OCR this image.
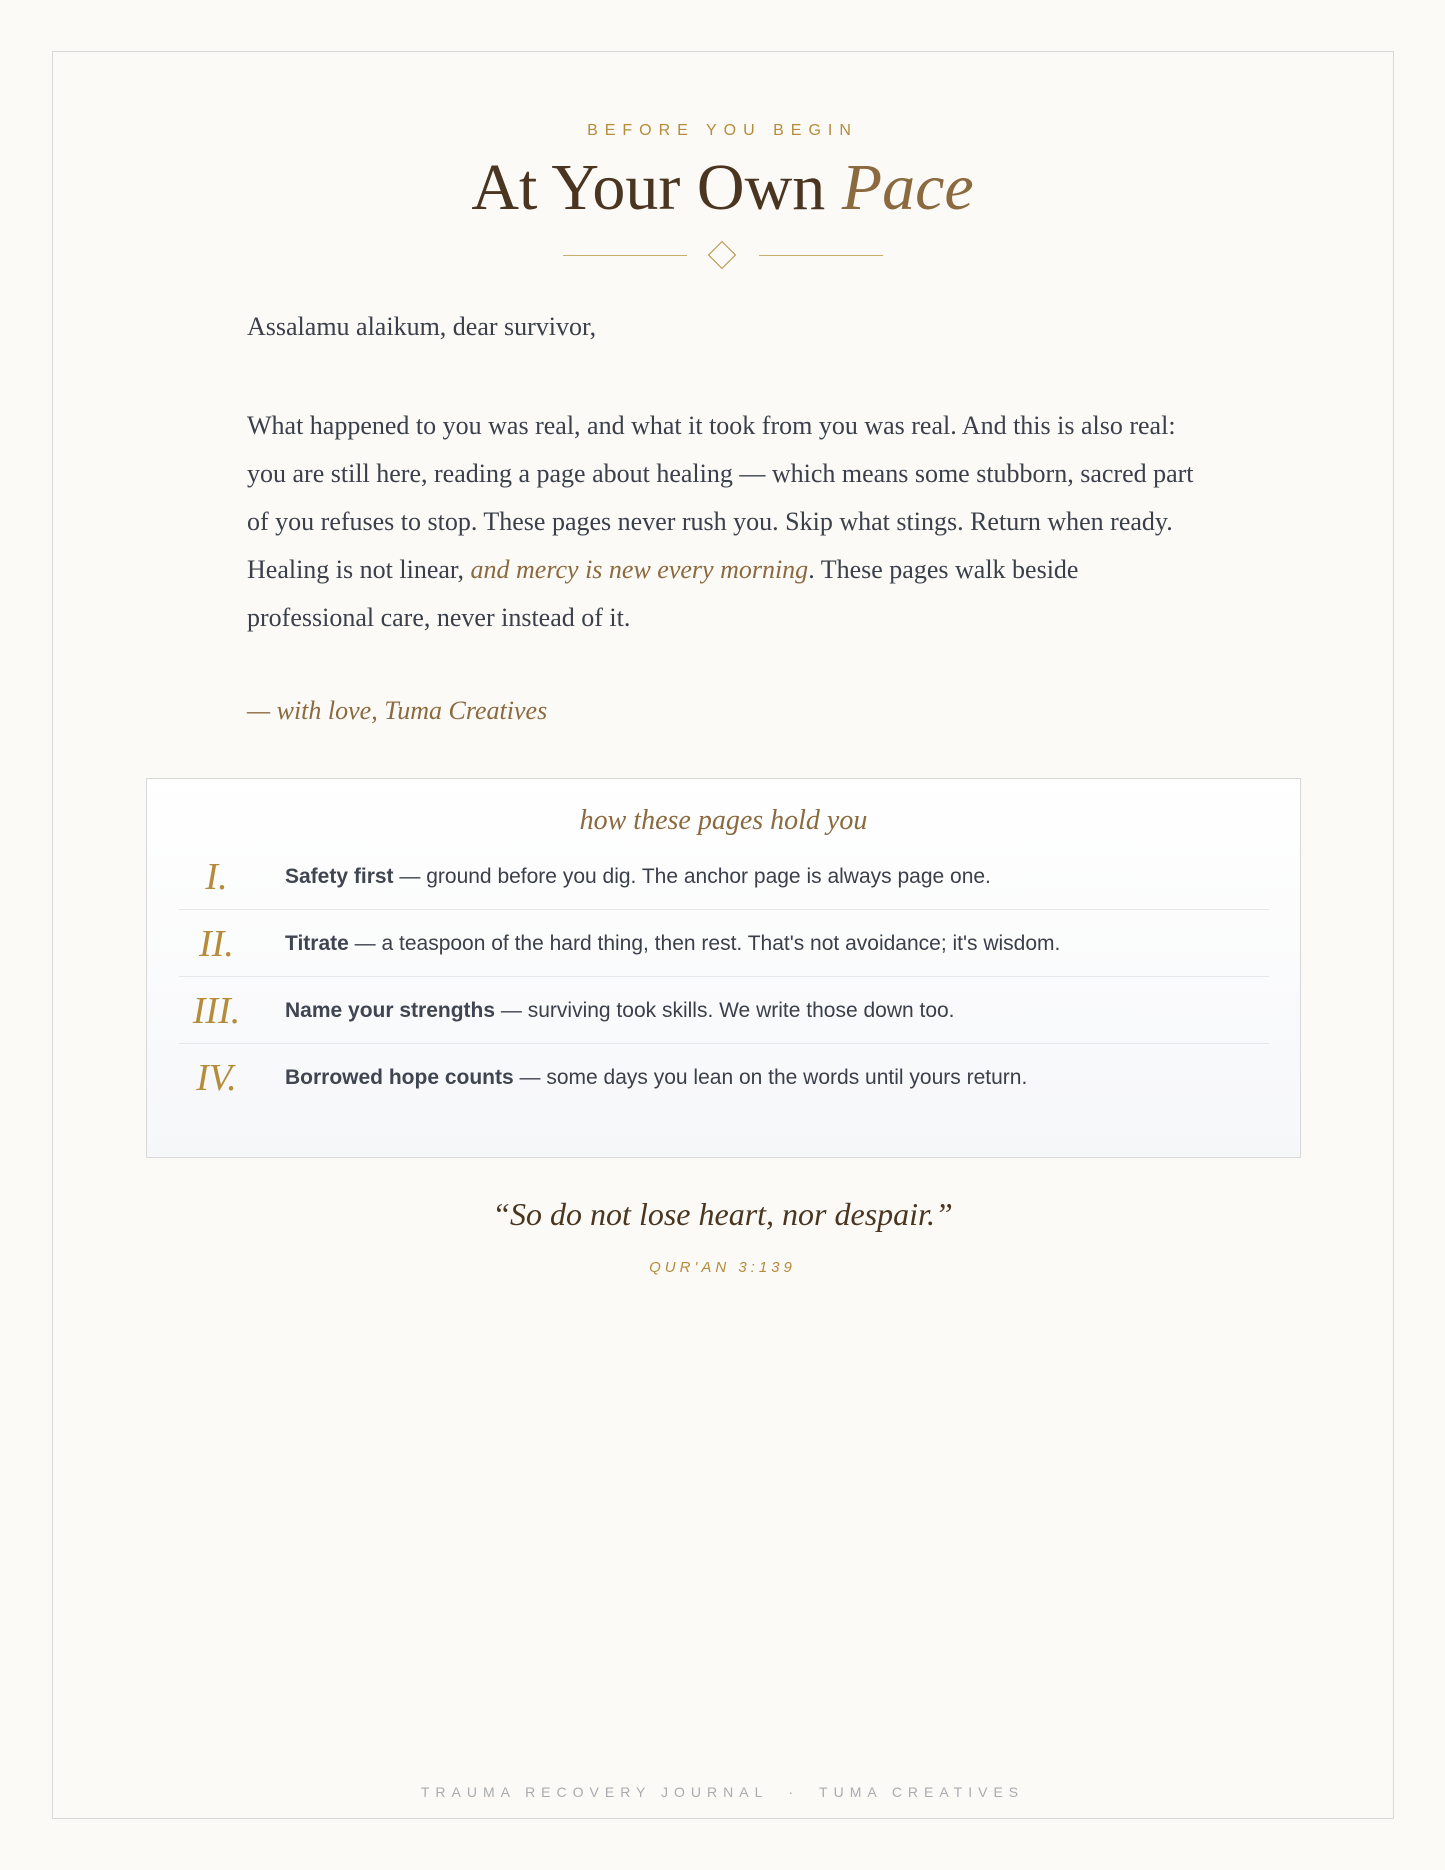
BEFORE YOU BEGIN
At Your Own Pace
Assalamu alaikum, dear survivor,

What happened to you was real, and what it took from you was real. And this is also real: you are still here, reading a page about healing — which means some stubborn, sacred part of you refuses to stop. These pages never rush you. Skip what stings. Return when ready. Healing is not linear, and mercy is new every morning. These pages walk beside professional care, never instead of it.

— with love, Tuma Creatives
how these pages hold you
I.	Safety first — ground before you dig. The anchor page is always page one.
II.	Titrate — a teaspoon of the hard thing, then rest. That's not avoidance; it's wisdom.
III.	Name your strengths — surviving took skills. We write those down too.
IV.	Borrowed hope counts — some days you lean on the words until yours return.
“So do not lose heart, nor despair.”
QUR'AN 3:139
TRAUMA RECOVERY JOURNAL · TUMA CREATIVES
